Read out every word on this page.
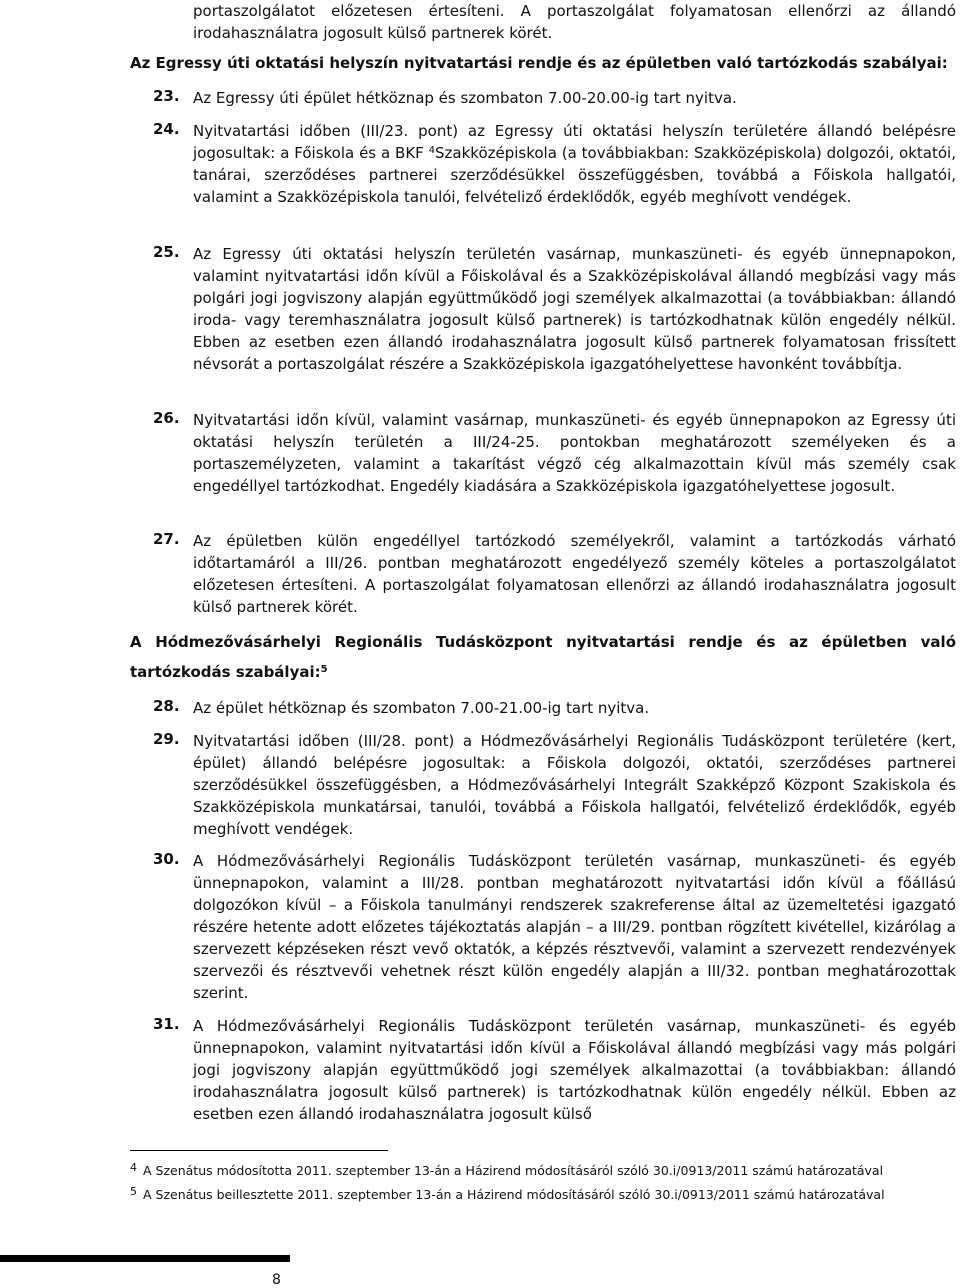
portaszolgálatot előzetesen értesíteni. A portaszolgálat folyamatosan ellenőrzi az állandó irodahasználatra jogosult külső partnerek körét.
Az Egressy úti oktatási helyszín nyitvatartási rendje és az épületben való tartózkodás szabályai:
23. Az Egressy úti épület hétköznap és szombaton 7.00-20.00-ig tart nyitva.
24. Nyitvatartási időben (III/23. pont) az Egressy úti oktatási helyszín területére állandó belépésre jogosultak: a Főiskola és a BKF $^4$Szakközépiskola (a továbbiakban: Szakközépiskola) dolgozói, oktatói, tanárai, szerződéses partnerei szerződésükkel összefüggésben, továbbá a Főiskola hallgatói, valamint a Szakközépiskola tanulói, felvételiző érdeklődők, egyéb meghívott vendégek.
25. Az Egressy úti oktatási helyszín területén vasárnap, munkaszüneti- és egyéb ünnepnapokon, valamint nyitvatartási időn kívül a Főiskolával és a Szakközépiskolával állandó megbízási vagy más polgári jogi jogviszony alapján együttműködő jogi személyek alkalmazottai (a továbbiakban: állandó iroda- vagy teremhasználatra jogosult külső partnerek) is tartózkodhatnak külön engedély nélkül. Ebben az esetben ezen állandó irodahasználatra jogosult külső partnerek folyamatosan frissített névsorát a portaszolgálat részére a Szakközépiskola igazgatóhelyettese havonként továbbítja.
26. Nyitvatartási időn kívül, valamint vasárnap, munkaszüneti- és egyéb ünnepnapokon az Egressy úti oktatási helyszín területén a III/24-25. pontokban meghatározott személyeken és a portaszemélyzeten, valamint a takarítást végző cég alkalmazottain kívül más személy csak engedéllyel tartózkodhat. Engedély kiadására a Szakközépiskola igazgatóhelyettese jogosult.
27. Az épületben külön engedéllyel tartózkodó személyekről, valamint a tartózkodás várható időtartamáról a III/26. pontban meghatározott engedélyező személy köteles a portaszolgálatot előzetesen értesíteni. A portaszolgálat folyamatosan ellenőrzi az állandó irodahasználatra jogosult külső partnerek körét.
A Hódmezővásárhelyi Regionális Tudásközpont nyitvatartási rendje és az épületben való tartózkodás szabályai:$^5$
28. Az épület hétköznap és szombaton 7.00-21.00-ig tart nyitva.
29. Nyitvatartási időben (III/28. pont) a Hódmezővásárhelyi Regionális Tudásközpont területére (kert, épület) állandó belépésre jogosultak: a Főiskola dolgozói, oktatói, szerződéses partnerei szerződésükkel összefüggésben, a Hódmezővásárhelyi Integrált Szakképző Központ Szakiskola és Szakközépiskola munkatársai, tanulói, továbbá a Főiskola hallgatói, felvételiző érdeklődők, egyéb meghívott vendégek.
30. A Hódmezővásárhelyi Regionális Tudásközpont területén vasárnap, munkaszüneti- és egyéb ünnepnapokon, valamint a III/28. pontban meghatározott nyitvatartási időn kívül a főállású dolgozókon kívül – a Főiskola tanulmányi rendszerek szakreferense által az üzemeltetési igazgató részére hetente adott előzetes tájékoztatás alapján – a III/29. pontban rögzített kivétellel, kizárólag a szervezett képzéseken részt vevő oktatók, a képzés résztvevői, valamint a szervezett rendezvények szervezői és résztvevői vehetnek részt külön engedély alapján a III/32. pontban meghatározottak szerint.
31. A Hódmezővásárhelyi Regionális Tudásközpont területén vasárnap, munkaszüneti- és egyéb ünnepnapokon, valamint nyitvatartási időn kívül a Főiskolával állandó megbízási vagy más polgári jogi jogviszony alapján együttműködő jogi személyek alkalmazottai (a továbbiakban: állandó irodahasználatra jogosult külső partnerek) is tartózkodhatnak külön engedély nélkül. Ebben az esetben ezen állandó irodahasználatra jogosult külső
4 A Szenátus módosította 2011. szeptember 13-án a Házirend módosításáról szóló 30.i/0913/2011 számú határozatával
5 A Szenátus beillesztette 2011. szeptember 13-án a Házirend módosításáról szóló 30.i/0913/2011 számú határozatával
8
